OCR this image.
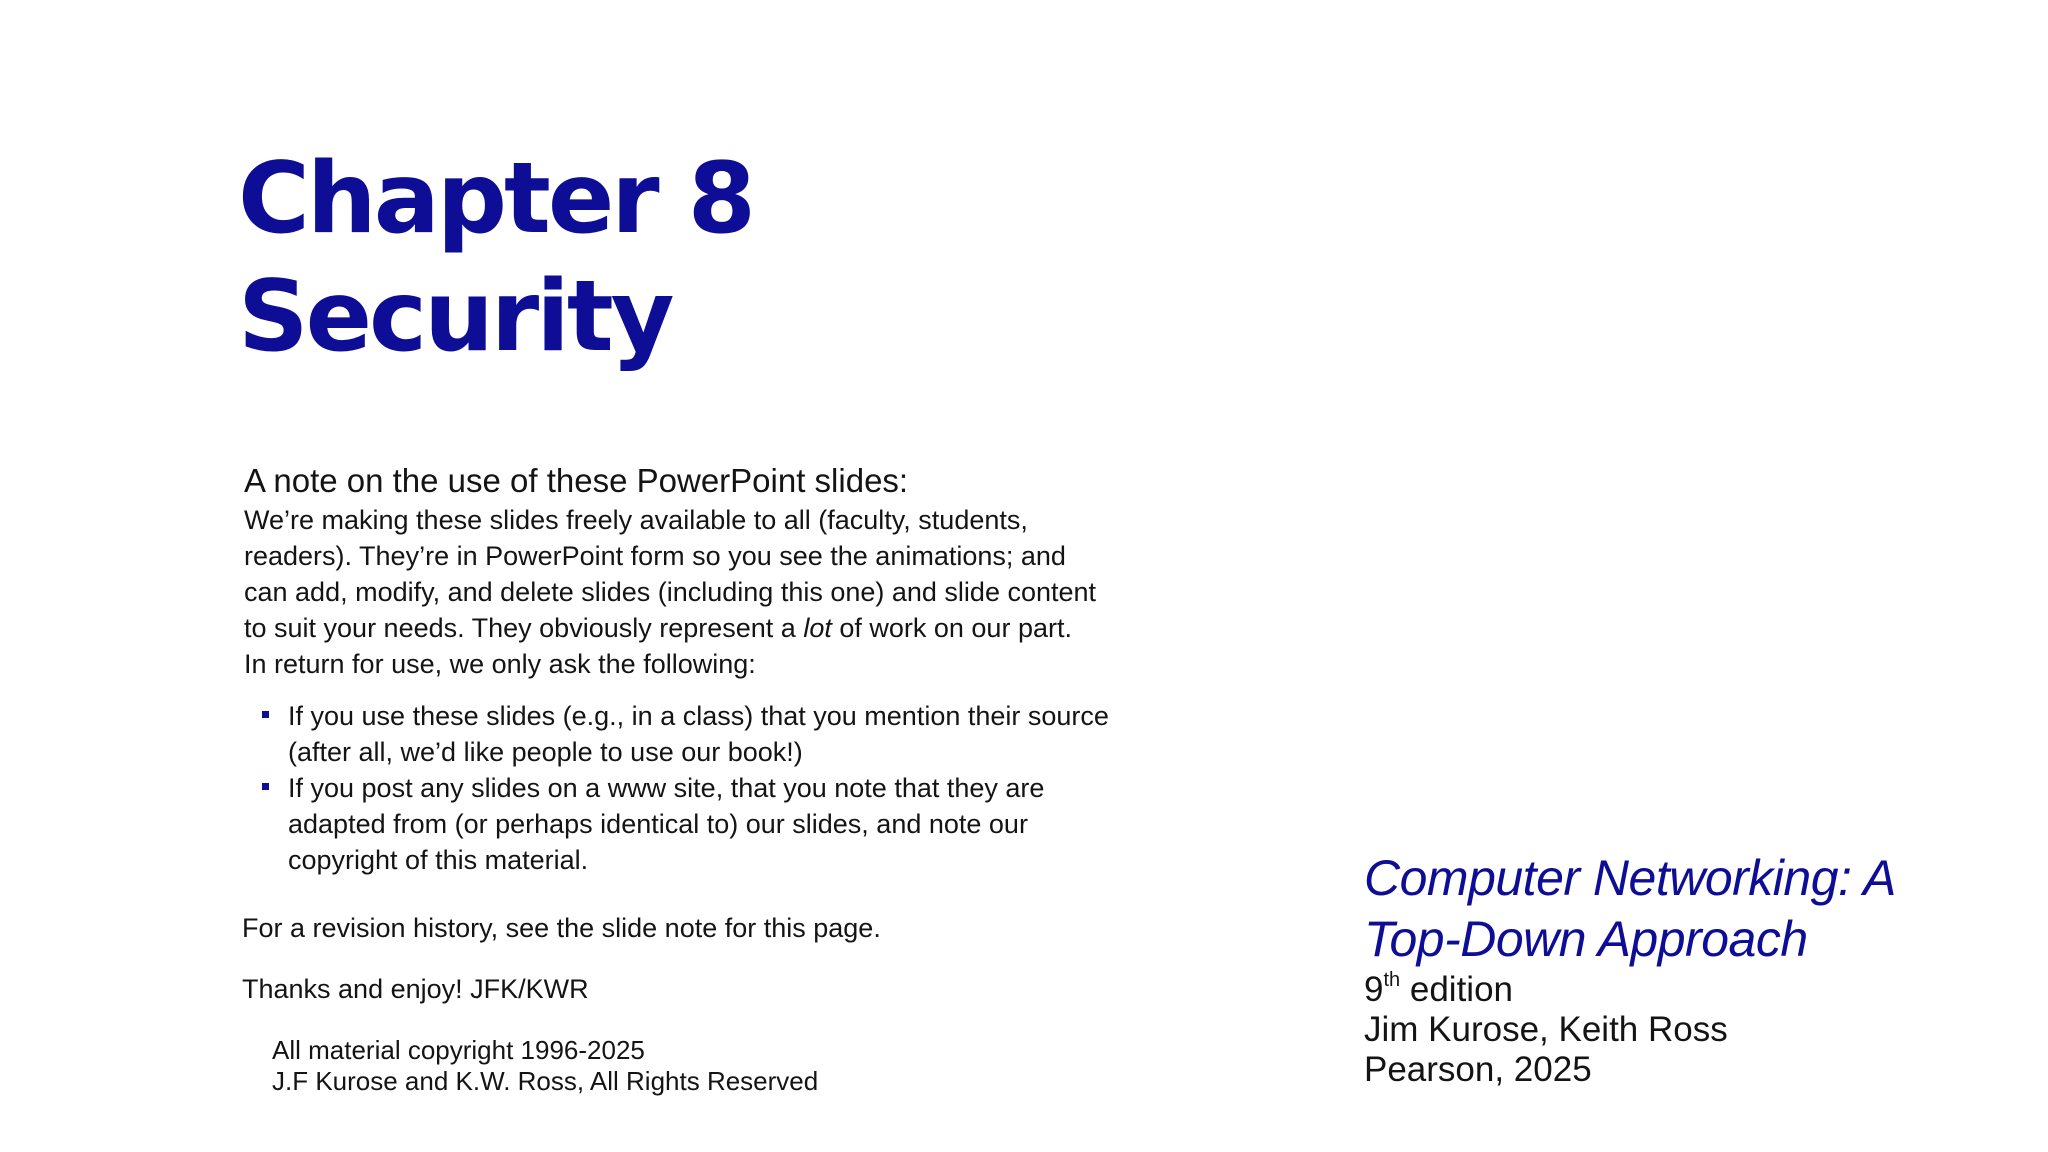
Chapter 8
Security
A note on the use of these PowerPoint slides:
We’re making these slides freely available to all (faculty, students,
readers). They’re in PowerPoint form so you see the animations; and
can add, modify, and delete slides (including this one) and slide content
to suit your needs. They obviously represent a lot of work on our part.
In return for use, we only ask the following:
If you use these slides (e.g., in a class) that you mention their source
(after all, we’d like people to use our book!)
If you post any slides on a www site, that you note that they are
adapted from (or perhaps identical to) our slides, and note our
copyright of this material.
For a revision history, see the slide note for this page.
Thanks and enjoy! JFK/KWR
All material copyright 1996-2025
J.F Kurose and K.W. Ross, All Rights Reserved
Computer Networking: A
Top-Down Approach
9th edition
Jim Kurose, Keith Ross
Pearson, 2025
